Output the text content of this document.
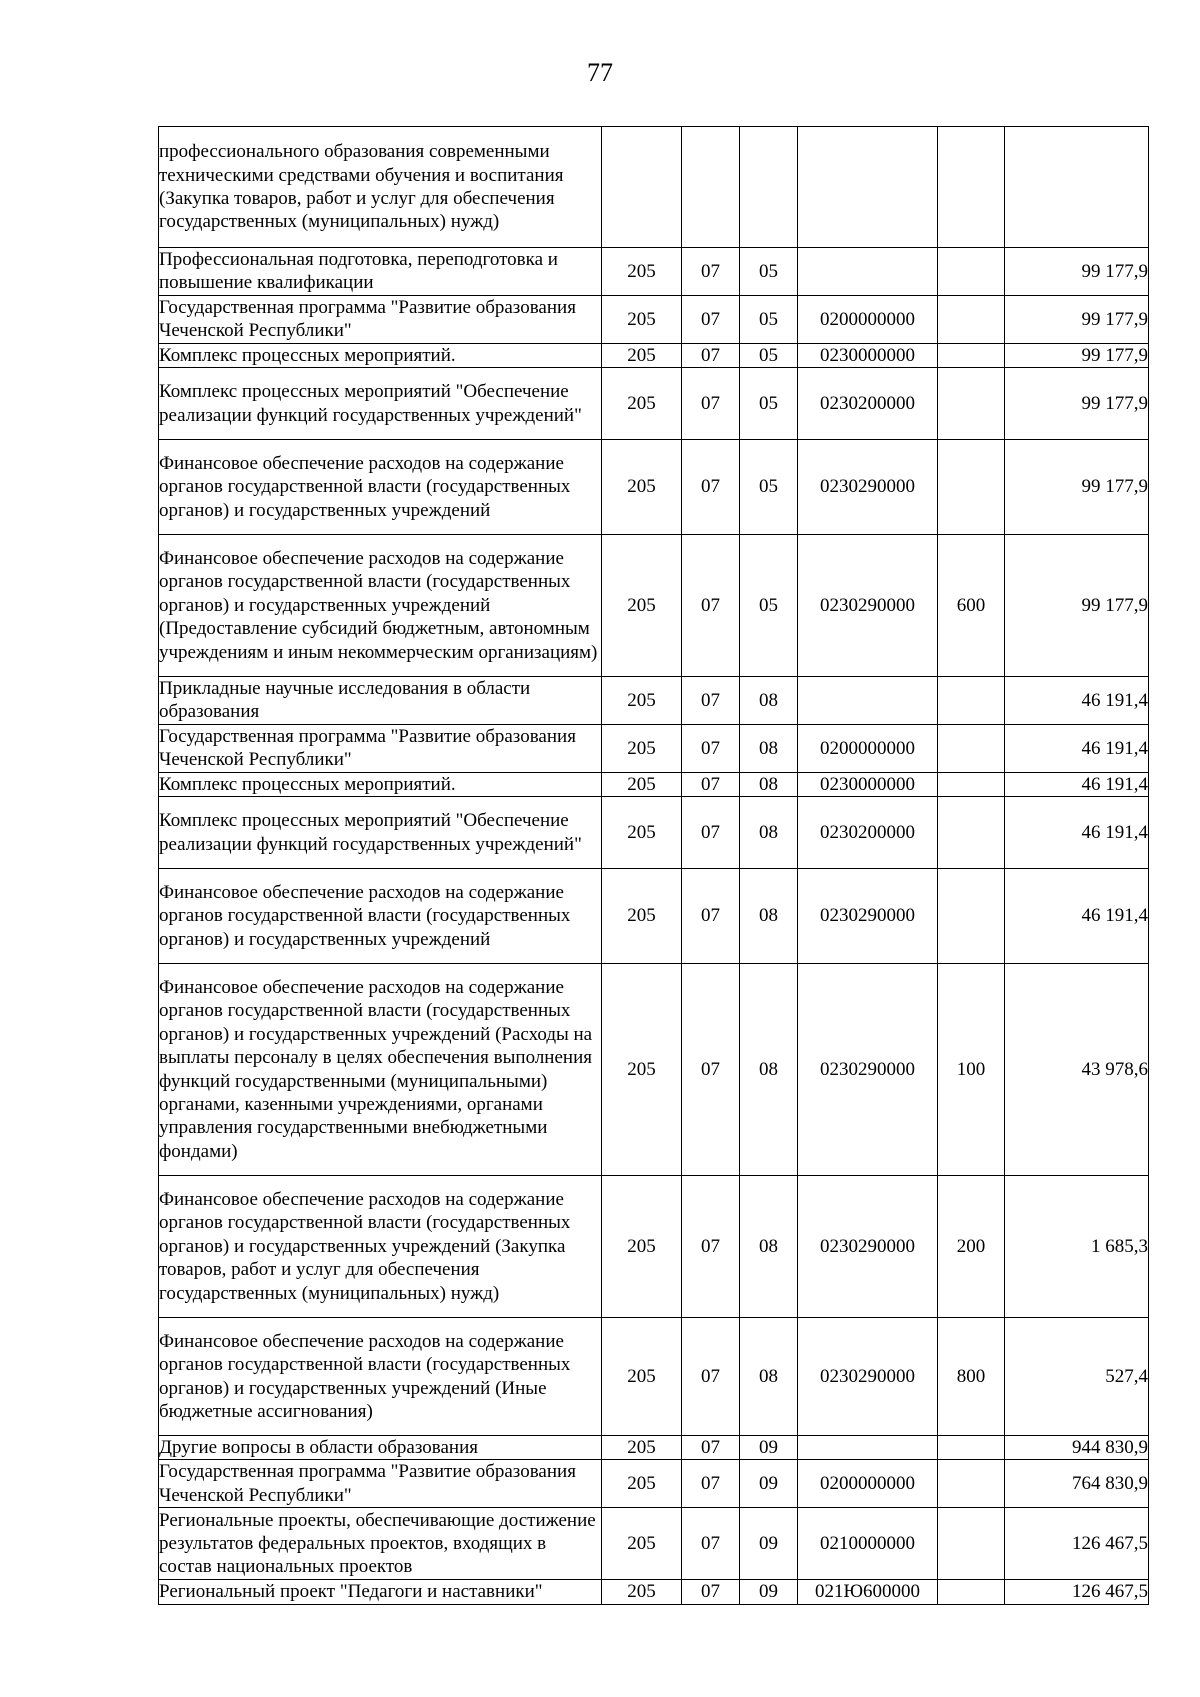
77
профессионального образования современными техническими средствами обучения и воспитания (Закупка товаров, работ и услуг для обеспечения государственных (муниципальных) нужд)						
Профессиональная подготовка, переподготовка и повышение квалификации	205	07	05			99 177,9
Государственная программа "Развитие образования Чеченской Республики"	205	07	05	0200000000		99 177,9
Комплекс процессных мероприятий.	205	07	05	0230000000		99 177,9
Комплекс процессных мероприятий "Обеспечение реализации функций государственных учреждений"	205	07	05	0230200000		99 177,9
Финансовое обеспечение расходов на содержание органов государственной власти (государственных органов) и государственных учреждений	205	07	05	0230290000		99 177,9
Финансовое обеспечение расходов на содержание органов государственной власти (государственных органов) и государственных учреждений (Предоставление субсидий бюджетным, автономным учреждениям и иным некоммерческим организациям)	205	07	05	0230290000	600	99 177,9
Прикладные научные исследования в области образования	205	07	08			46 191,4
Государственная программа "Развитие образования Чеченской Республики"	205	07	08	0200000000		46 191,4
Комплекс процессных мероприятий.	205	07	08	0230000000		46 191,4
Комплекс процессных мероприятий "Обеспечение реализации функций государственных учреждений"	205	07	08	0230200000		46 191,4
Финансовое обеспечение расходов на содержание органов государственной власти (государственных органов) и государственных учреждений	205	07	08	0230290000		46 191,4
Финансовое обеспечение расходов на содержание органов государственной власти (государственных органов) и государственных учреждений (Расходы на выплаты персоналу в целях обеспечения выполнения функций государственными (муниципальными) органами, казенными учреждениями, органами управления государственными внебюджетными фондами)	205	07	08	0230290000	100	43 978,6
Финансовое обеспечение расходов на содержание органов государственной власти (государственных органов) и государственных учреждений (Закупка товаров, работ и услуг для обеспечения государственных (муниципальных) нужд)	205	07	08	0230290000	200	1 685,3
Финансовое обеспечение расходов на содержание органов государственной власти (государственных органов) и государственных учреждений (Иные бюджетные ассигнования)	205	07	08	0230290000	800	527,4
Другие вопросы в области образования	205	07	09			944 830,9
Государственная программа "Развитие образования Чеченской Республики"	205	07	09	0200000000		764 830,9
Региональные проекты, обеспечивающие достижение результатов федеральных проектов, входящих в состав национальных проектов	205	07	09	0210000000		126 467,5
Региональный проект "Педагоги и наставники"	205	07	09	021Ю600000		126 467,5
